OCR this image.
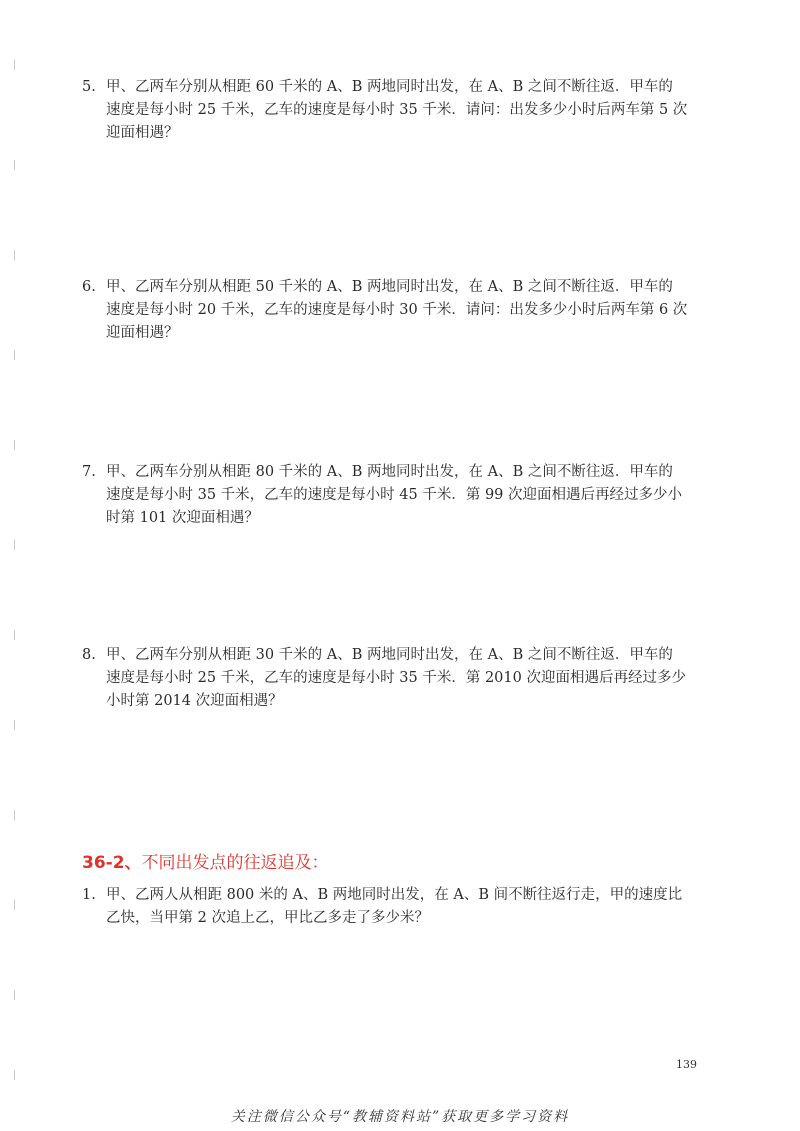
5. 甲、乙两车分别从相距 60 千米的 A、B 两地同时出发，在 A、B 之间不断往返．甲车的
速度是每小时 25 千米，乙车的速度是每小时 35 千米．请问：出发多少小时后两车第 5 次
迎面相遇？
6. 甲、乙两车分别从相距 50 千米的 A、B 两地同时出发，在 A、B 之间不断往返．甲车的
速度是每小时 20 千米，乙车的速度是每小时 30 千米．请问：出发多少小时后两车第 6 次
迎面相遇？
7. 甲、乙两车分别从相距 80 千米的 A、B 两地同时出发，在 A、B 之间不断往返．甲车的
速度是每小时 35 千米，乙车的速度是每小时 45 千米．第 99 次迎面相遇后再经过多少小
时第 101 次迎面相遇？
8. 甲、乙两车分别从相距 30 千米的 A、B 两地同时出发，在 A、B 之间不断往返．甲车的
速度是每小时 25 千米，乙车的速度是每小时 35 千米．第 2010 次迎面相遇后再经过多少
小时第 2014 次迎面相遇？
36-2、不同出发点的往返追及：
1. 甲、乙两人从相距 800 米的 A、B 两地同时出发，在 A、B 间不断往返行走，甲的速度比
乙快，当甲第 2 次追上乙，甲比乙多走了多少米？
139
关注微信公众号“教辅资料站”获取更多学习资料
